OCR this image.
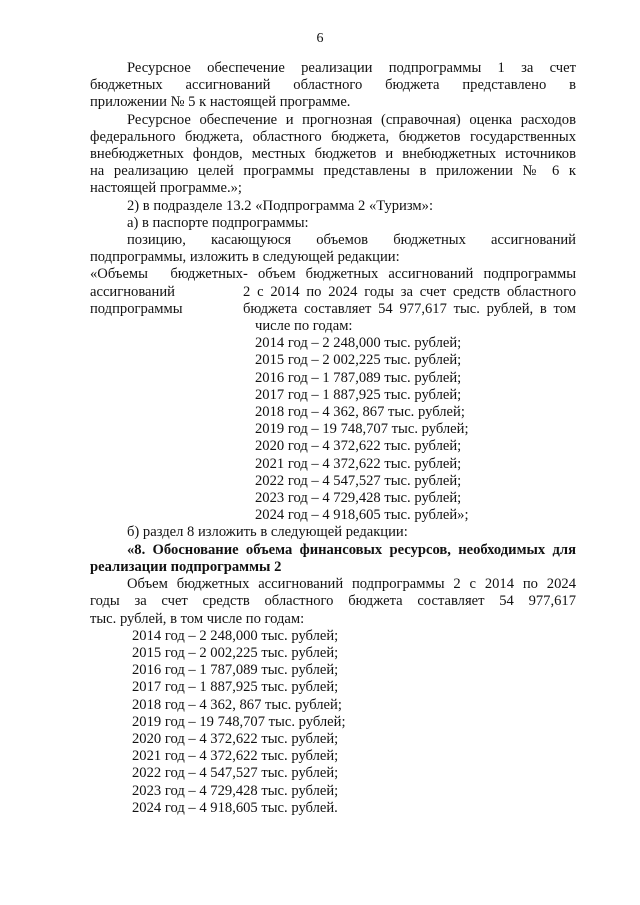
6
Ресурсное обеспечение реализации подпрограммы 1 за счет
бюджетных ассигнований областного бюджета представлено в
приложении № 5 к настоящей программе.
Ресурсное обеспечение и прогнозная (справочная) оценка расходов
федерального бюджета, областного бюджета, бюджетов государственных
внебюджетных фондов, местных бюджетов и внебюджетных источников
на реализацию целей программы представлены в приложении № 6 к
настоящей программе.»;
2) в подразделе 13.2 «Подпрограмма 2 «Туризм»:
а) в паспорте подпрограммы:
позицию, касающуюся объемов бюджетных ассигнований
подпрограммы, изложить в следующей редакции:
«Объемы бюджетных
ассигнований
подпрограммы
- объем бюджетных ассигнований подпрограммы
2 с 2014 по 2024 годы за счет средств областного
бюджета составляет 54 977,617 тыс. рублей, в том
числе по годам:
2014 год – 2 248,000 тыс. рублей;
2015 год – 2 002,225 тыс. рублей;
2016 год – 1 787,089 тыс. рублей;
2017 год – 1 887,925 тыс. рублей;
2018 год – 4 362, 867 тыс. рублей;
2019 год – 19 748,707 тыс. рублей;
2020 год – 4 372,622 тыс. рублей;
2021 год – 4 372,622 тыс. рублей;
2022 год – 4 547,527 тыс. рублей;
2023 год – 4 729,428 тыс. рублей;
2024 год – 4 918,605 тыс. рублей»;
б) раздел 8 изложить в следующей редакции:
«8. Обоснование объема финансовых ресурсов, необходимых для
реализации подпрограммы 2
Объем бюджетных ассигнований подпрограммы 2 с 2014 по 2024
годы за счет средств областного бюджета составляет 54 977,617
тыс. рублей, в том числе по годам:
2014 год – 2 248,000 тыс. рублей;
2015 год – 2 002,225 тыс. рублей;
2016 год – 1 787,089 тыс. рублей;
2017 год – 1 887,925 тыс. рублей;
2018 год – 4 362, 867 тыс. рублей;
2019 год – 19 748,707 тыс. рублей;
2020 год – 4 372,622 тыс. рублей;
2021 год – 4 372,622 тыс. рублей;
2022 год – 4 547,527 тыс. рублей;
2023 год – 4 729,428 тыс. рублей;
2024 год – 4 918,605 тыс. рублей.
